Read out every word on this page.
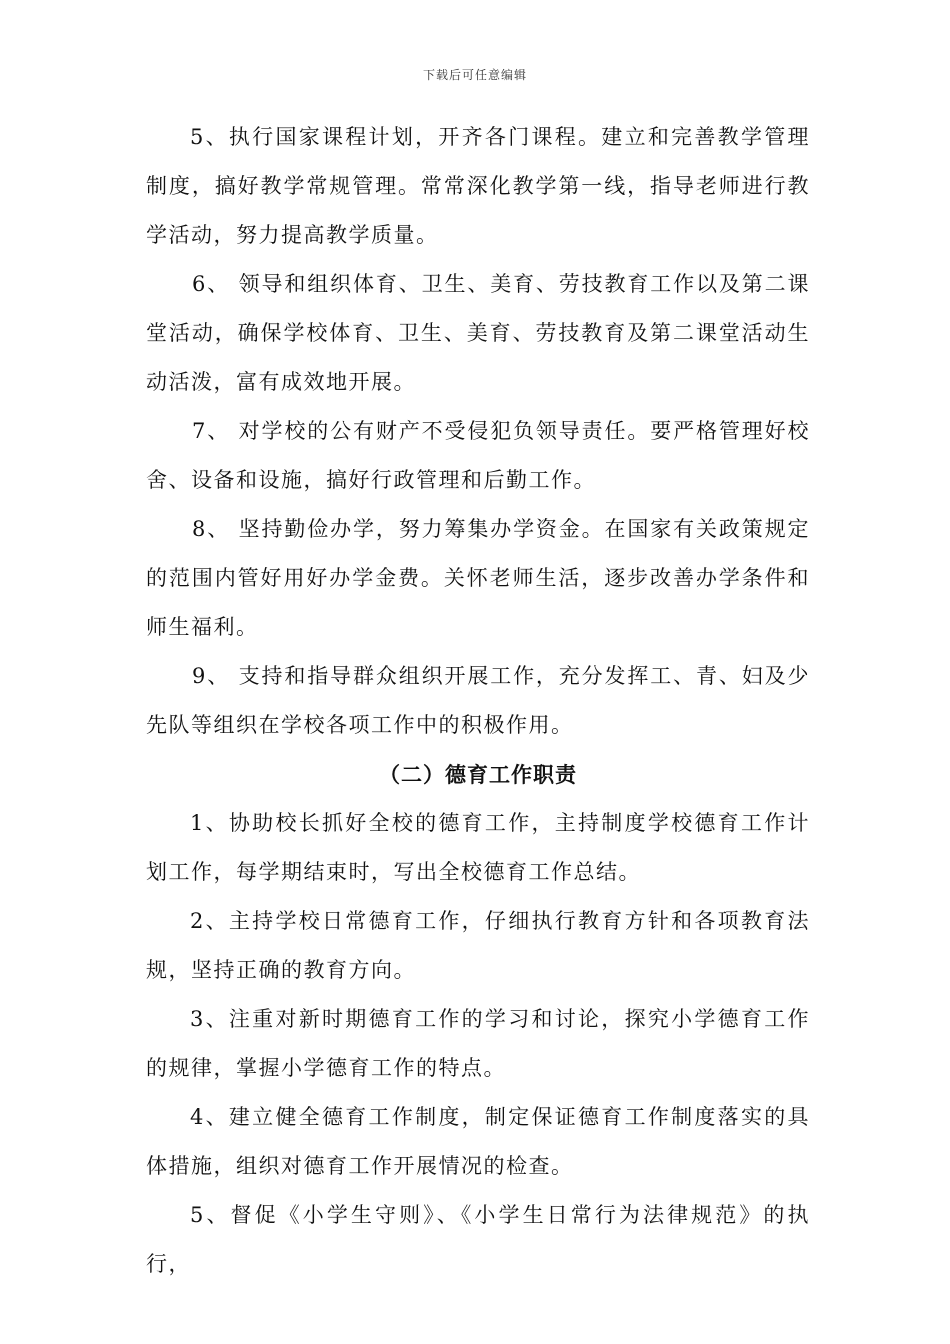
下载后可任意编辑

5、执行国家课程计划，开齐各门课程。建立和完善教学管理制度，搞好教学常规管理。常常深化教学第一线，指导老师进行教学活动，努力提高教学质量。

6、 领导和组织体育、卫生、美育、劳技教育工作以及第二课堂活动，确保学校体育、卫生、美育、劳技教育及第二课堂活动生动活泼，富有成效地开展。

7、 对学校的公有财产不受侵犯负领导责任。要严格管理好校舍、设备和设施，搞好行政管理和后勤工作。

8、 坚持勤俭办学，努力筹集办学资金。在国家有关政策规定的范围内管好用好办学金费。关怀老师生活，逐步改善办学条件和师生福利。

9、 支持和指导群众组织开展工作，充分发挥工、青、妇及少先队等组织在学校各项工作中的积极作用。

（二）德育工作职责

1、协助校长抓好全校的德育工作，主持制度学校德育工作计划工作，每学期结束时，写出全校德育工作总结。

2、主持学校日常德育工作，仔细执行教育方针和各项教育法规，坚持正确的教育方向。

3、注重对新时期德育工作的学习和讨论，探究小学德育工作的规律，掌握小学德育工作的特点。

4、建立健全德育工作制度，制定保证德育工作制度落实的具体措施，组织对德育工作开展情况的检查。

5、督促《小学生守则》、《小学生日常行为法律规范》的执行，
